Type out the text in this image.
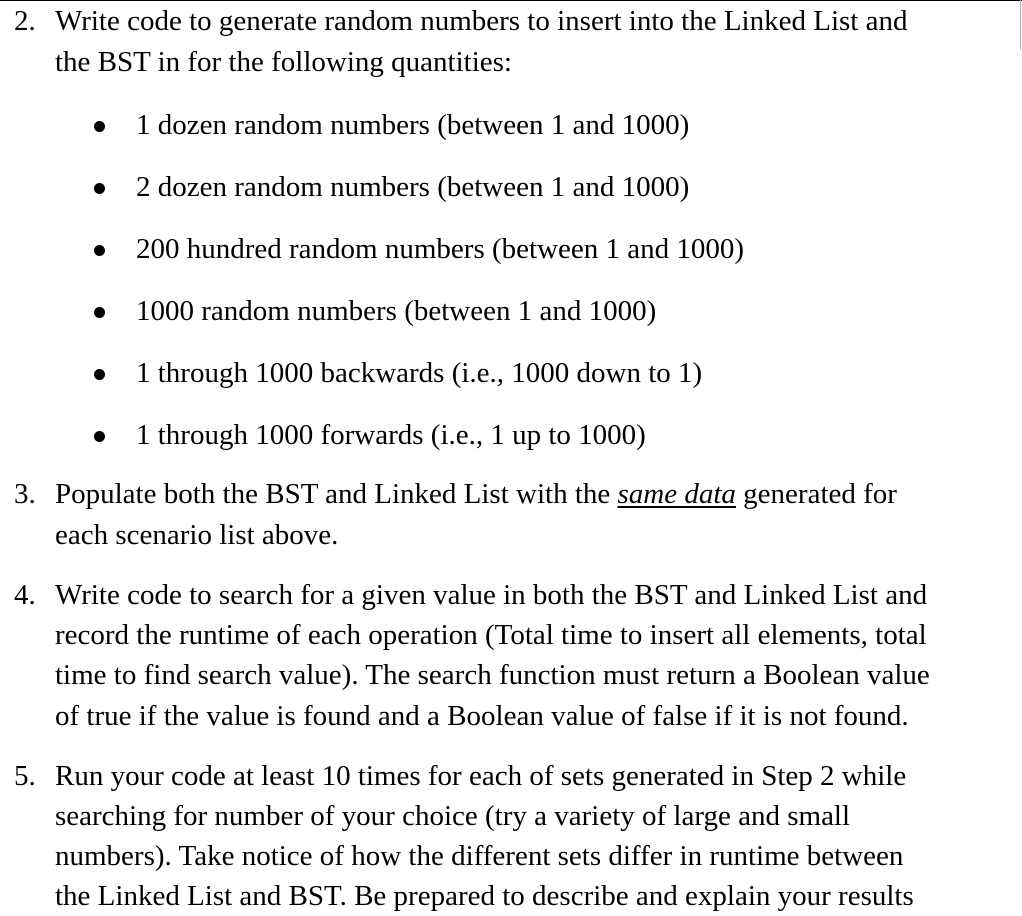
2. Write code to generate random numbers to insert into the Linked List and
the BST in for the following quantities:
1 dozen random numbers (between 1 and 1000)
2 dozen random numbers (between 1 and 1000)
200 hundred random numbers (between 1 and 1000)
1000 random numbers (between 1 and 1000)
1 through 1000 backwards (i.e., 1000 down to 1)
1 through 1000 forwards (i.e., 1 up to 1000)
3. Populate both the BST and Linked List with the same data generated for
each scenario list above.
4. Write code to search for a given value in both the BST and Linked List and
record the runtime of each operation (Total time to insert all elements, total
time to find search value). The search function must return a Boolean value
of true if the value is found and a Boolean value of false if it is not found.
5. Run your code at least 10 times for each of sets generated in Step 2 while
searching for number of your choice (try a variety of large and small
numbers). Take notice of how the different sets differ in runtime between
the Linked List and BST. Be prepared to describe and explain your results
